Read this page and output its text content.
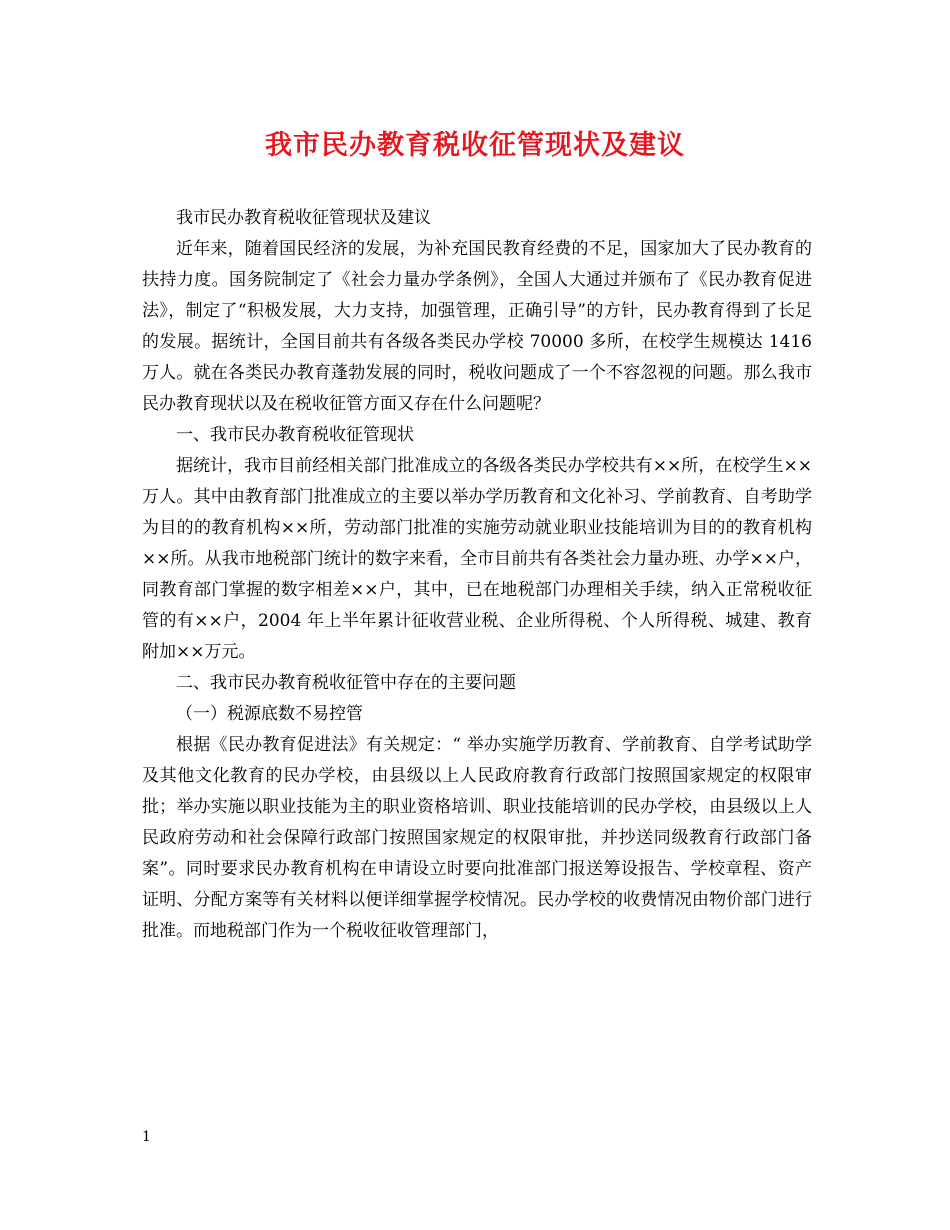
我市民办教育税收征管现状及建议

我市民办教育税收征管现状及建议

近年来，随着国民经济的发展，为补充国民教育经费的不足，国家加大了民办教育的扶持力度。国务院制定了《社会力量办学条例》，全国人大通过并颁布了《民办教育促进法》，制定了“积极发展，大力支持，加强管理，正确引导”的方针，民办教育得到了长足的发展。据统计，全国目前共有各级各类民办学校 70000 多所，在校学生规模达 1416 万人。就在各类民办教育蓬勃发展的同时，税收问题成了一个不容忽视的问题。那么我市民办教育现状以及在税收征管方面又存在什么问题呢？

一、我市民办教育税收征管现状

据统计，我市目前经相关部门批准成立的各级各类民办学校共有××所，在校学生××万人。其中由教育部门批准成立的主要以举办学历教育和文化补习、学前教育、自考助学为目的的教育机构××所，劳动部门批准的实施劳动就业职业技能培训为目的的教育机构××所。从我市地税部门统计的数字来看，全市目前共有各类社会力量办班、办学××户，同教育部门掌握的数字相差××户，其中，已在地税部门办理相关手续，纳入正常税收征管的有××户，2004 年上半年累计征收营业税、企业所得税、个人所得税、城建、教育附加××万元。

二、我市民办教育税收征管中存在的主要问题

（一）税源底数不易控管

根据《民办教育促进法》有关规定：“ 举办实施学历教育、学前教育、自学考试助学及其他文化教育的民办学校，由县级以上人民政府教育行政部门按照国家规定的权限审批；举办实施以职业技能为主的职业资格培训、职业技能培训的民办学校，由县级以上人民政府劳动和社会保障行政部门按照国家规定的权限审批，并抄送同级教育行政部门备案”。同时要求民办教育机构在申请设立时要向批准部门报送筹设报告、学校章程、资产证明、分配方案等有关材料以便详细掌握学校情况。民办学校的收费情况由物价部门进行批准。而地税部门作为一个税收征收管理部门，

1
